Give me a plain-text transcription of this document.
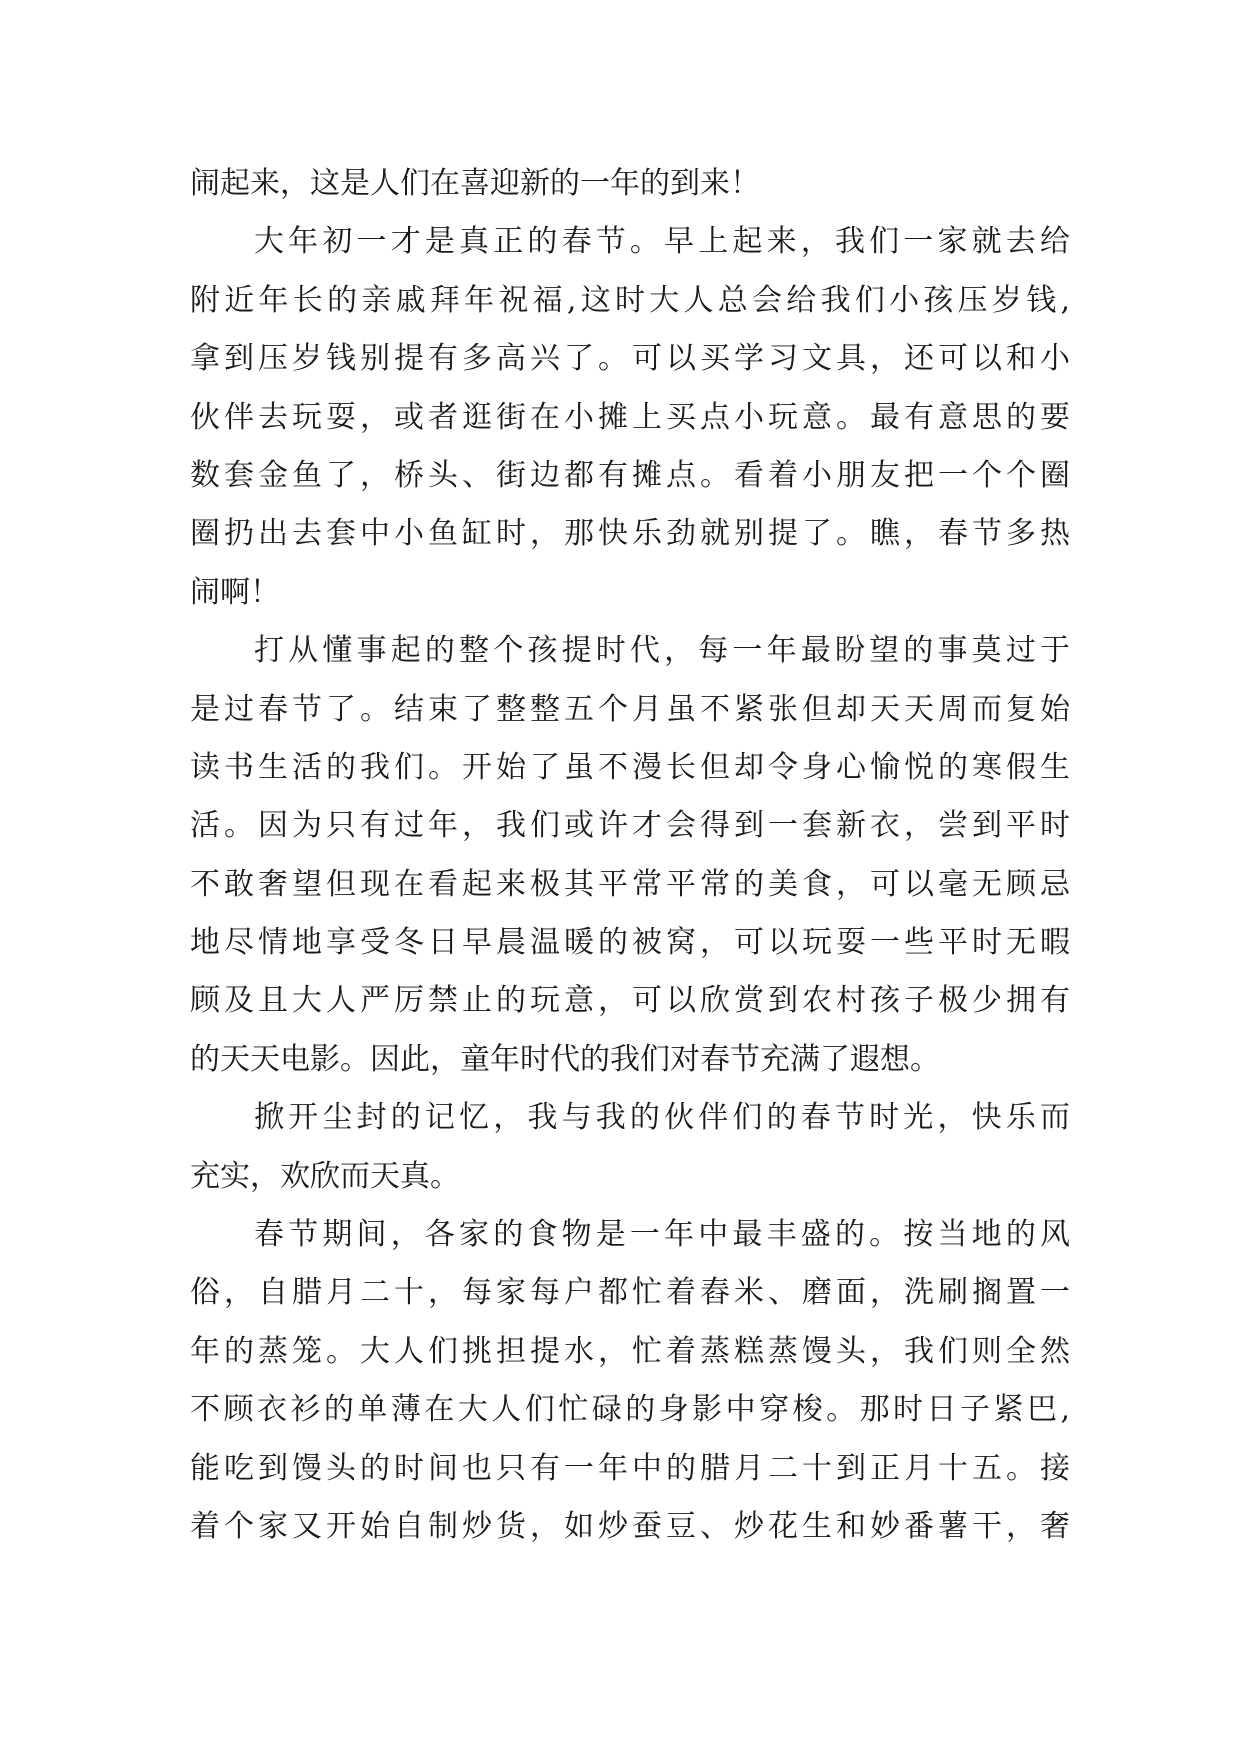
闹起来，这是人们在喜迎新的一年的到来！
大年初一才是真正的春节。早上起来，我们一家就去给
附近年长的亲戚拜年祝福,这时大人总会给我们小孩压岁钱,
拿到压岁钱别提有多高兴了。可以买学习文具，还可以和小
伙伴去玩耍，或者逛街在小摊上买点小玩意。最有意思的要
数套金鱼了，桥头、街边都有摊点。看着小朋友把一个个圈
圈扔出去套中小鱼缸时，那快乐劲就别提了。瞧，春节多热
闹啊！
打从懂事起的整个孩提时代，每一年最盼望的事莫过于
是过春节了。结束了整整五个月虽不紧张但却天天周而复始
读书生活的我们。开始了虽不漫长但却令身心愉悦的寒假生
活。因为只有过年，我们或许才会得到一套新衣，尝到平时
不敢奢望但现在看起来极其平常平常的美食，可以毫无顾忌
地尽情地享受冬日早晨温暖的被窝，可以玩耍一些平时无暇
顾及且大人严厉禁止的玩意，可以欣赏到农村孩子极少拥有
的天天电影。因此，童年时代的我们对春节充满了遐想。
掀开尘封的记忆，我与我的伙伴们的春节时光，快乐而
充实，欢欣而天真。
春节期间，各家的食物是一年中最丰盛的。按当地的风
俗，自腊月二十，每家每户都忙着舂米、磨面，洗刷搁置一
年的蒸笼。大人们挑担提水，忙着蒸糕蒸馒头，我们则全然
不顾衣衫的单薄在大人们忙碌的身影中穿梭。那时日子紧巴,
能吃到馒头的时间也只有一年中的腊月二十到正月十五。接
着个家又开始自制炒货，如炒蚕豆、炒花生和妙番薯干，奢
